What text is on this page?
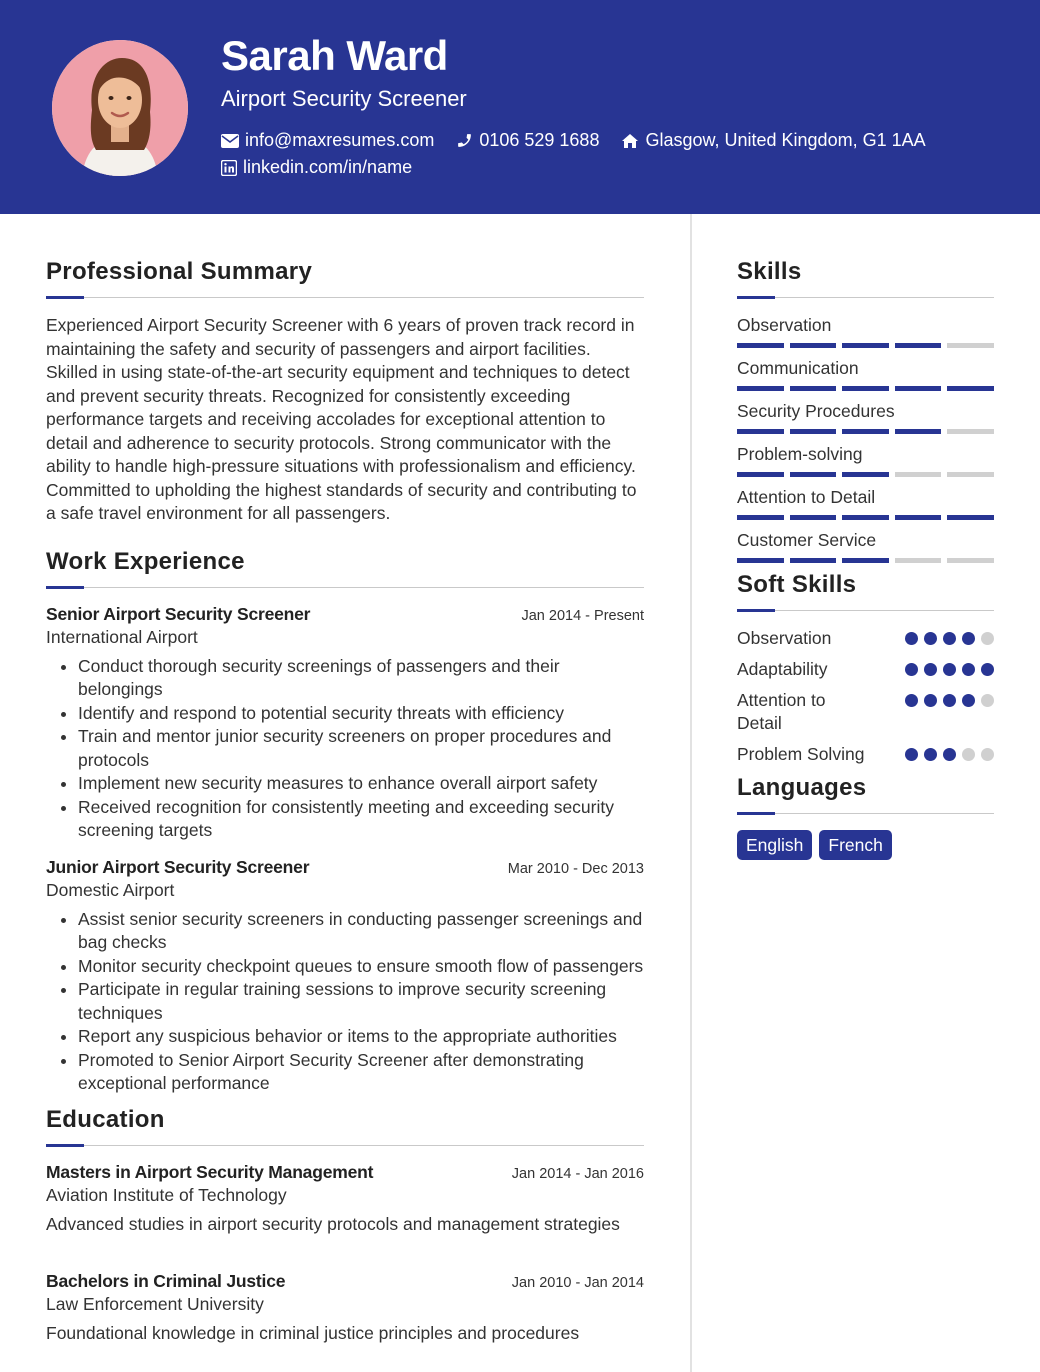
Sarah Ward
Airport Security Screener
info@maxresumes.com	0106 529 1688	Glasgow, United Kingdom, G1 1AA
linkedin.com/in/name
Professional Summary

Experienced Airport Security Screener with 6 years of proven track record in maintaining the safety and security of passengers and airport facilities. Skilled in using state-of-the-art security equipment and techniques to detect and prevent security threats. Recognized for consistently exceeding performance targets and receiving accolades for exceptional attention to detail and adherence to security protocols. Strong communicator with the ability to handle high-pressure situations with professionalism and efficiency. Committed to upholding the highest standards of security and contributing to a safe travel environment for all passengers.

Work Experience
Senior Airport Security Screener	Jan 2014 - Present
International Airport
Conduct thorough security screenings of passengers and their belongings
Identify and respond to potential security threats with efficiency
Train and mentor junior security screeners on proper procedures and protocols
Implement new security measures to enhance overall airport safety
Received recognition for consistently meeting and exceeding security screening targets
Junior Airport Security Screener	Mar 2010 - Dec 2013
Domestic Airport
Assist senior security screeners in conducting passenger screenings and bag checks
Monitor security checkpoint queues to ensure smooth flow of passengers
Participate in regular training sessions to improve security screening techniques
Report any suspicious behavior or items to the appropriate authorities
Promoted to Senior Airport Security Screener after demonstrating exceptional performance
Education
Masters in Airport Security Management	Jan 2014 - Jan 2016
Aviation Institute of Technology
Advanced studies in airport security protocols and management strategies
Bachelors in Criminal Justice	Jan 2010 - Jan 2014
Law Enforcement University
Foundational knowledge in criminal justice principles and procedures
Skills
Observation
Communication
Security Procedures
Problem-solving
Attention to Detail
Customer Service
Soft Skills
Observation
Adaptability
Attention to Detail
Problem Solving
Languages
English	French
